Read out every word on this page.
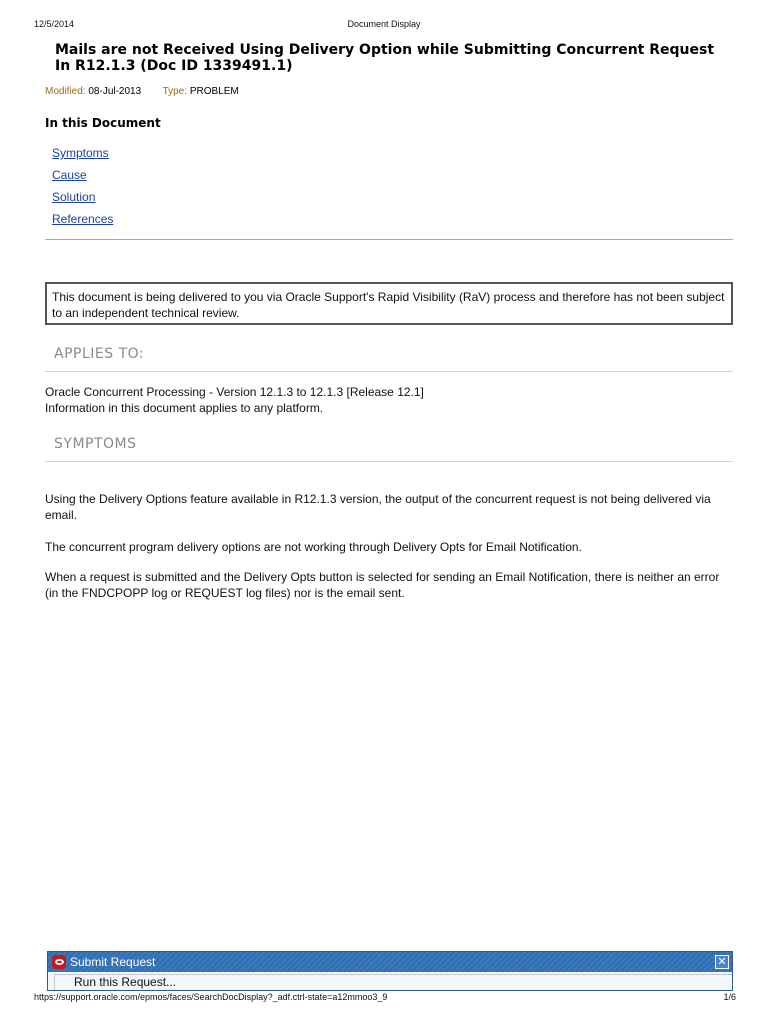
12/5/2014	Document Display
Mails are not Received Using Delivery Option while Submitting Concurrent Request In R12.1.3 (Doc ID 1339491.1)
Modified: 08-Jul-2013 Type: PROBLEM
In this Document
Symptoms
Cause
Solution
References
This document is being delivered to you via Oracle Support's Rapid Visibility (RaV) process and therefore has not been subject to an independent technical review.
APPLIES TO:
Oracle Concurrent Processing - Version 12.1.3 to 12.1.3 [Release 12.1]
Information in this document applies to any platform.
SYMPTOMS
Using the Delivery Options feature available in R12.1.3 version, the output of the concurrent request is not being delivered via email.
The concurrent program delivery options are not working through Delivery Opts for Email Notification.
When a request is submitted and the Delivery Opts button is selected for sending an Email Notification, there is neither an error (in the FNDCPOPP log or REQUEST log files) nor is the email sent.
Submit Request	✕
Run this Request...
https://support.oracle.com/epmos/faces/SearchDocDisplay?_adf.ctrl-state=a12mmoo3_9	1/6
